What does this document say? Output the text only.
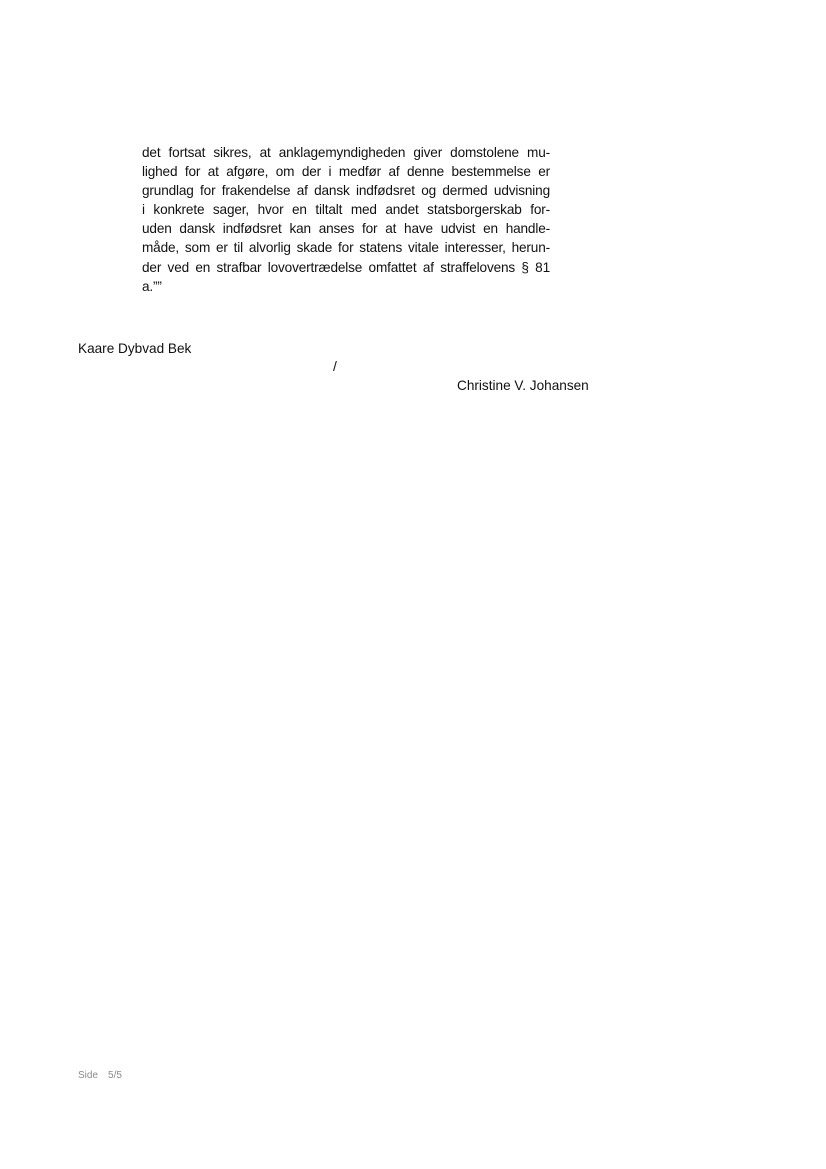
det fortsat sikres, at anklagemyndigheden giver domstolene mu-
lighed for at afgøre, om der i medfør af denne bestemmelse er
grundlag for frakendelse af dansk indfødsret og dermed udvisning
i konkrete sager, hvor en tiltalt med andet statsborgerskab for-
uden dansk indfødsret kan anses for at have udvist en handle-
måde, som er til alvorlig skade for statens vitale interesser, herun-
der ved en strafbar lovovertrædelse omfattet af straffelovens § 81
a.””
Kaare Dybvad Bek
/
Christine V. Johansen
Side 5/5
